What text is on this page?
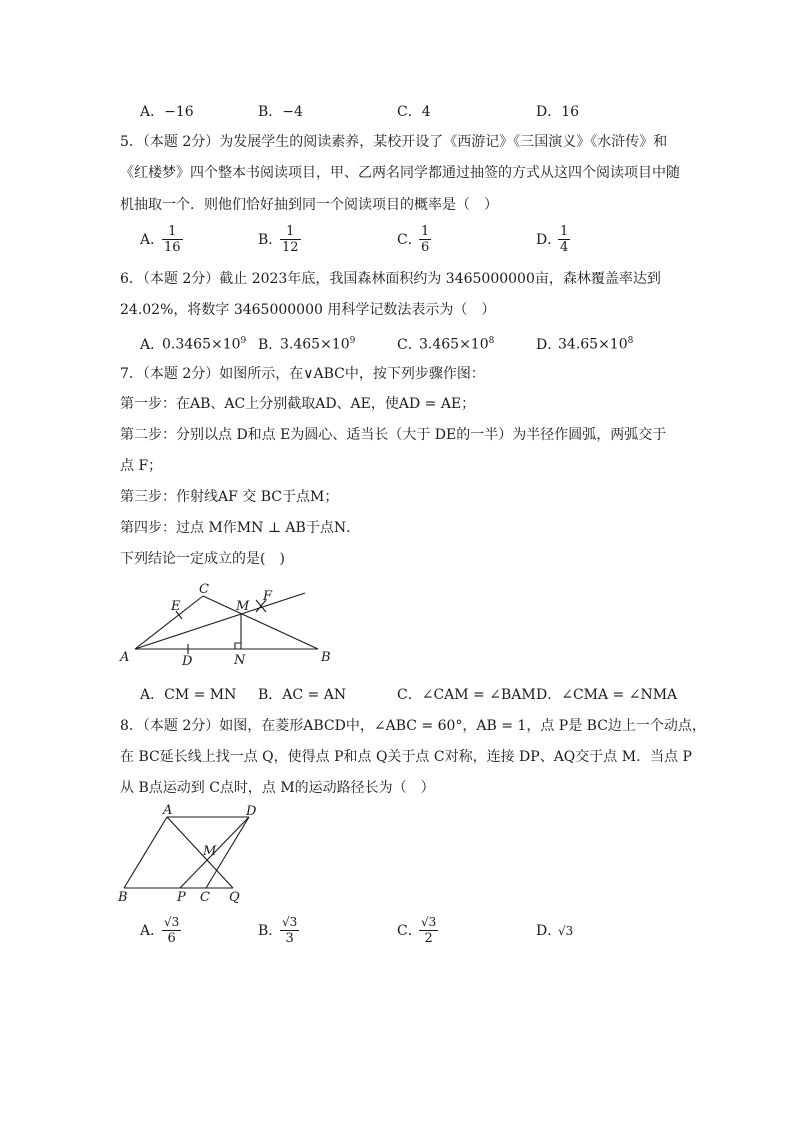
A．−16	B．−4	C．4	D．16
5．（本题 2分）为发展学生的阅读素养，某校开设了《西游记》《三国演义》《水浒传》和
《红楼梦》四个整本书阅读项目，甲、乙两名同学都通过抽签的方式从这四个阅读项目中随
机抽取一个．则他们恰好抽到同一个阅读项目的概率是（　）
A．
$\frac{1}{16}$	B．
$\frac{1}{12}$	C．
$\frac{1}{6}$	D．
$\frac{1}{4}$
6．（本题 2分）截止 2023年底，我国森林面积约为 3465000000亩，森林覆盖率达到
24.02%，将数字 3465000000 用科学记数法表示为（　）
A．$0.3465\times 10^9$ B．$3.465\times 10^9$	C．$3.465\times 10^8$	D．$34.65\times 10^8$
7．（本题 2分）如图所示，在∨ABC中，按下列步骤作图：
第一步：在AB、AC上分别截取AD、AE，使AD = AE；
第二步：分别以点 D和点 E为圆心、适当长（大于 DE的一半）为半径作圆弧，两弧交于
点 F；
第三步：作射线AF 交 BC于点M；
第四步：过点 M作MN ⊥ AB于点N．
下列结论一定成立的是(　)
A	B
C
D
E
F
M
N
A．CM = MN B．AC = AN	C．∠CAM = ∠BAM D．∠CMA = ∠NMA
8．（本题 2分）如图，在菱形ABCD中，∠ABC = 60°，AB = 1，点 P是 BC边上一个动点，
在 BC延长线上找一点 Q，使得点 P和点 Q关于点 C对称，连接 DP、AQ交于点 M．当点 P
从 B点运动到 C点时，点 M的运动路径长为（　）
A	D
M
B	P C Q
A．
$\frac{√3}{6}$	B．
$\frac{√3}{3}$	C．
$\frac{√3}{2}$	D．√3
